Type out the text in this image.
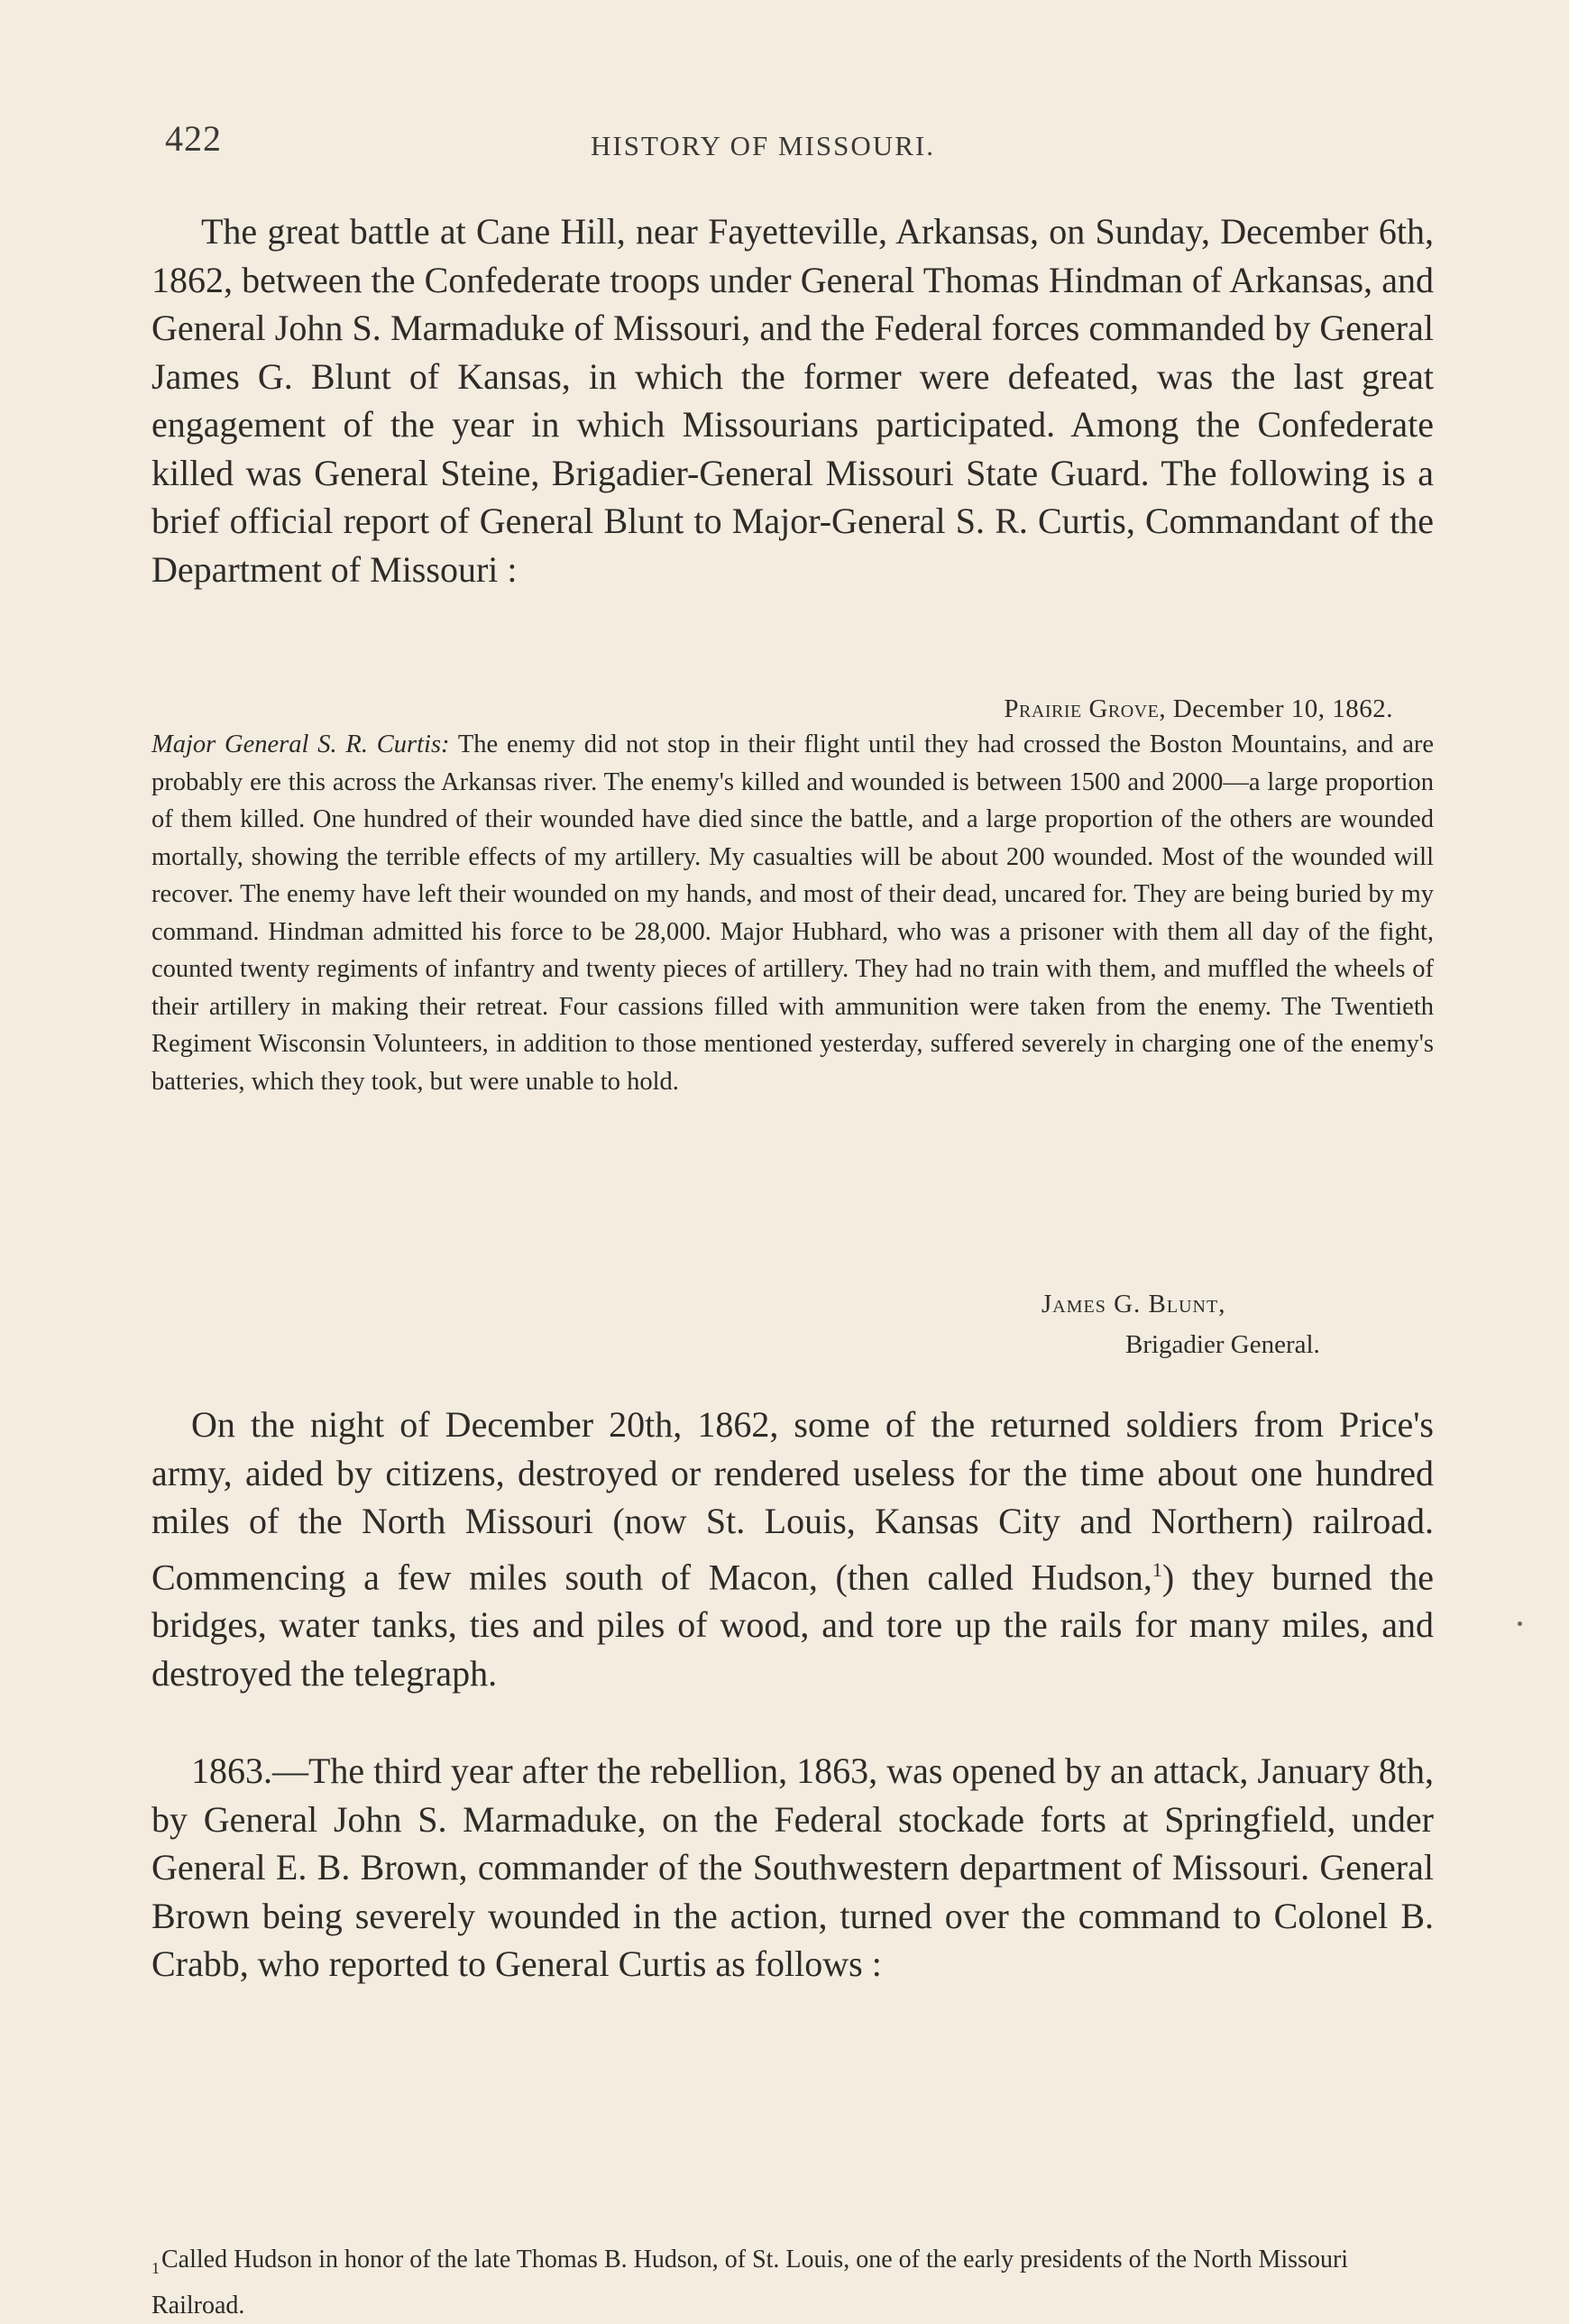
422	HISTORY OF MISSOURI.

The great battle at Cane Hill, near Fayetteville, Arkansas, on Sunday, December 6th, 1862, between the Confederate troops under General Thomas Hindman of Arkansas, and General John S. Marmaduke of Missouri, and the Federal forces commanded by General James G. Blunt of Kansas, in which the former were defeated, was the last great engagement of the year in which Missourians participated. Among the Confederate killed was General Steine, Brigadier-General Missouri State Guard. The following is a brief official report of General Blunt to Major-General S. R. Curtis, Commandant of the Department of Missouri :

Prairie Grove, December 10, 1862.

Major General S. R. Curtis: The enemy did not stop in their flight until they had crossed the Boston Mountains, and are probably ere this across the Arkansas river. The enemy's killed and wounded is between 1500 and 2000—a large proportion of them killed. One hundred of their wounded have died since the battle, and a large proportion of the others are wounded mortally, showing the terrible effects of my artillery. My casualties will be about 200 wounded. Most of the wounded will recover. The enemy have left their wounded on my hands, and most of their dead, uncared for. They are being buried by my command. Hindman admitted his force to be 28,000. Major Hubhard, who was a prisoner with them all day of the fight, counted twenty regiments of infantry and twenty pieces of artillery. They had no train with them, and muffled the wheels of their artillery in making their retreat. Four cassions filled with ammunition were taken from the enemy. The Twentieth Regiment Wisconsin Volunteers, in addition to those mentioned yesterday, suffered severely in charging one of the enemy's batteries, which they took, but were unable to hold.

James G. Blunt,
Brigadier General.

On the night of December 20th, 1862, some of the returned soldiers from Price's army, aided by citizens, destroyed or rendered useless for the time about one hundred miles of the North Missouri (now St. Louis, Kansas City and Northern) railroad. Commencing a few miles south of Macon, (then called Hudson,$^1$) they burned the bridges, water tanks, ties and piles of wood, and tore up the rails for many miles, and destroyed the telegraph.

1863.—The third year after the rebellion, 1863, was opened by an attack, January 8th, by General John S. Marmaduke, on the Federal stockade forts at Springfield, under General E. B. Brown, commander of the Southwestern department of Missouri. General Brown being severely wounded in the action, turned over the command to Colonel B. Crabb, who reported to General Curtis as follows :

$_1$Called Hudson in honor of the late Thomas B. Hudson, of St. Louis, one of the early presidents of the North Missouri Railroad.
